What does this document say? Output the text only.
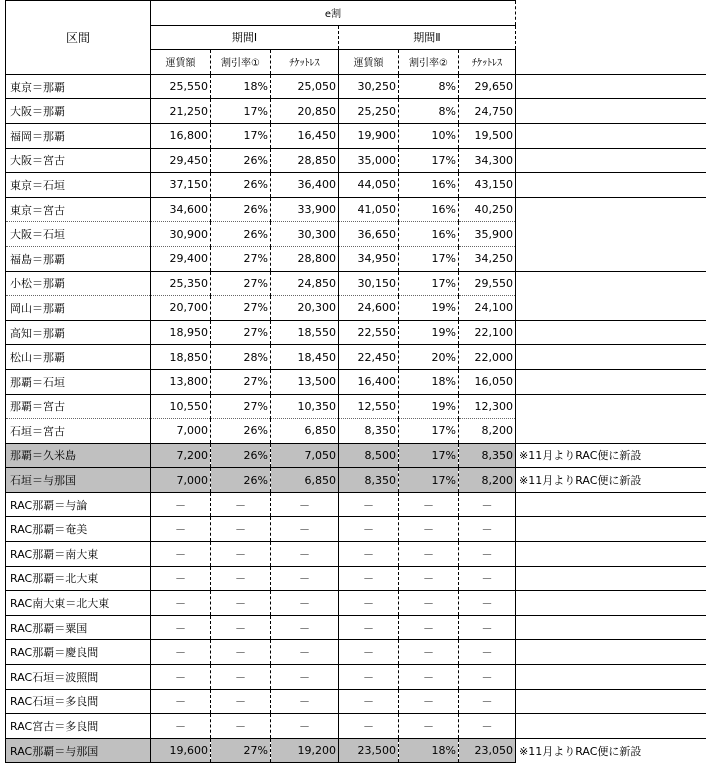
区間	e割						
	期間Ⅰ			期間Ⅱ			
	運賃額	割引率①	ﾁｹｯﾄﾚｽ	運賃額	割引率②	ﾁｹｯﾄﾚｽ	
東京＝那覇	25,550	18%	25,050	30,250	8%	29,650	
大阪＝那覇	21,250	17%	20,850	25,250	8%	24,750	
福岡＝那覇	16,800	17%	16,450	19,900	10%	19,500	
大阪＝宮古	29,450	26%	28,850	35,000	17%	34,300	
東京＝石垣	37,150	26%	36,400	44,050	16%	43,150	
東京＝宮古	34,600	26%	33,900	41,050	16%	40,250	
大阪＝石垣	30,900	26%	30,300	36,650	16%	35,900	
福島＝那覇	29,400	27%	28,800	34,950	17%	34,250	
小松＝那覇	25,350	27%	24,850	30,150	17%	29,550	
岡山＝那覇	20,700	27%	20,300	24,600	19%	24,100	
高知＝那覇	18,950	27%	18,550	22,550	19%	22,100	
松山＝那覇	18,850	28%	18,450	22,450	20%	22,000	
那覇＝石垣	13,800	27%	13,500	16,400	18%	16,050	
那覇＝宮古	10,550	27%	10,350	12,550	19%	12,300	
石垣＝宮古	7,000	26%	6,850	8,350	17%	8,200	
那覇＝久米島	7,200	26%	7,050	8,500	17%	8,350	※11月よりRAC便に新設
石垣＝与那国	7,000	26%	6,850	8,350	17%	8,200	※11月よりRAC便に新設
RAC那覇＝与論	－	－	－	－	－	－	
RAC那覇＝奄美	－	－	－	－	－	－	
RAC那覇＝南大東	－	－	－	－	－	－	
RAC那覇＝北大東	－	－	－	－	－	－	
RAC南大東＝北大東	－	－	－	－	－	－	
RAC那覇＝粟国	－	－	－	－	－	－	
RAC那覇＝慶良間	－	－	－	－	－	－	
RAC石垣＝波照間	－	－	－	－	－	－	
RAC石垣＝多良間	－	－	－	－	－	－	
RAC宮古＝多良間	－	－	－	－	－	－	
RAC那覇＝与那国	19,600	27%	19,200	23,500	18%	23,050	※11月よりRAC便に新設
